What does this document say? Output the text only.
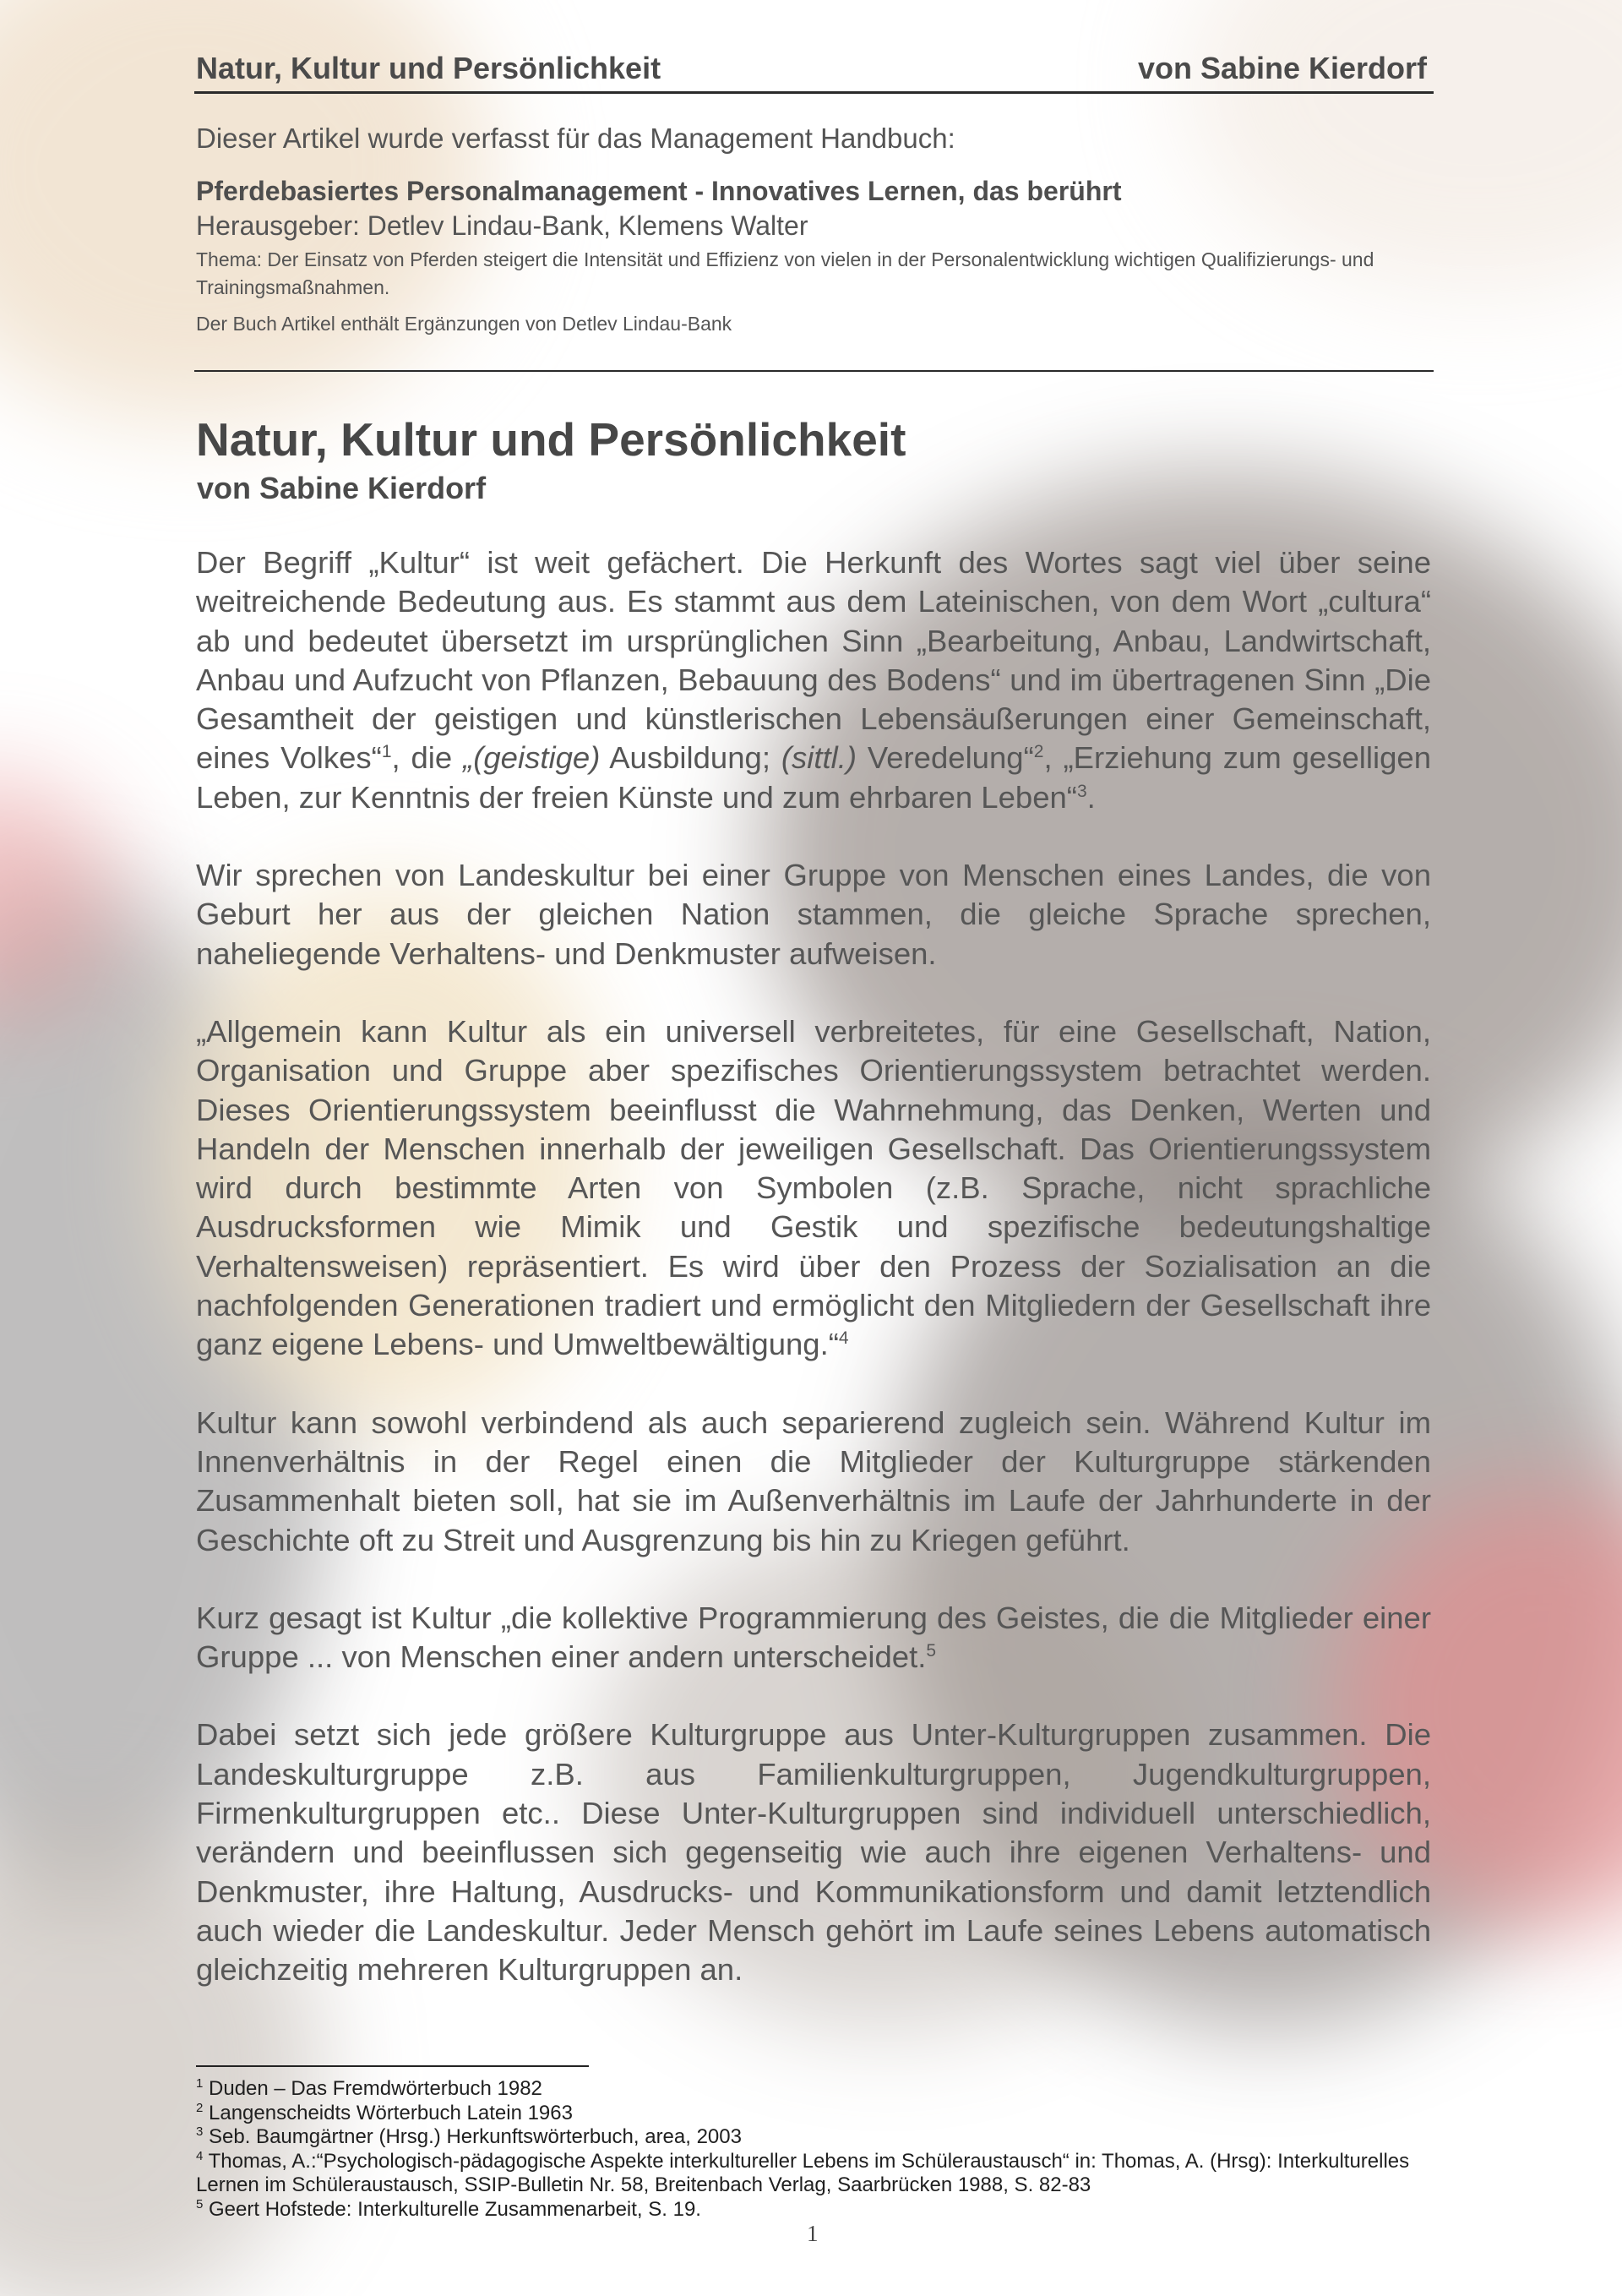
Natur, Kultur und Persönlichkeit	von Sabine Kierdorf

Dieser Artikel wurde verfasst für das Management Handbuch:

Pferdebasiertes Personalmanagement - Innovatives Lernen, das berührt

Herausgeber: Detlev Lindau-Bank, Klemens Walter

Thema: Der Einsatz von Pferden steigert die Intensität und Effizienz von vielen in der Personalentwicklung wichtigen Qualifizierungs- und Trainingsmaßnahmen.

Der Buch Artikel enthält Ergänzungen von Detlev Lindau-Bank

Natur, Kultur und Persönlichkeit
von Sabine Kierdorf

Der Begriff „Kultur“ ist weit gefächert. Die Herkunft des Wortes sagt viel über seine weitreichende Bedeutung aus. Es stammt aus dem Lateinischen, von dem Wort „cultura“ ab und bedeutet übersetzt im ursprünglichen Sinn „Bearbeitung, Anbau, Landwirtschaft, Anbau und Aufzucht von Pflanzen, Bebauung des Bodens“ und im übertragenen Sinn „Die Gesamtheit der geistigen und künstlerischen Lebensäußerungen einer Gemeinschaft, eines Volkes“$^1$, die „(geistige) Ausbildung; (sittl.) Veredelung“$^2$, „Erziehung zum geselligen Leben, zur Kenntnis der freien Künste und zum ehrbaren Leben“$^3$.

Wir sprechen von Landeskultur bei einer Gruppe von Menschen eines Landes, die von Geburt her aus der gleichen Nation stammen, die gleiche Sprache sprechen, naheliegende Verhaltens- und Denkmuster aufweisen.

„Allgemein kann Kultur als ein universell verbreitetes, für eine Gesellschaft, Nation, Organisation und Gruppe aber spezifisches Orientierungssystem betrachtet werden. Dieses Orientierungssystem beeinflusst die Wahrnehmung, das Denken, Werten und Handeln der Menschen innerhalb der jeweiligen Gesellschaft. Das Orientierungssystem wird durch bestimmte Arten von Symbolen (z.B. Sprache, nicht sprachliche Ausdrucksformen wie Mimik und Gestik und spezifische bedeutungshaltige Verhaltensweisen) repräsentiert. Es wird über den Prozess der Sozialisation an die nachfolgenden Generationen tradiert und ermöglicht den Mitgliedern der Gesellschaft ihre ganz eigene Lebens- und Umweltbewältigung.“$^4$

Kultur kann sowohl verbindend als auch separierend zugleich sein. Während Kultur im Innenverhältnis in der Regel einen die Mitglieder der Kulturgruppe stärkenden Zusammenhalt bieten soll, hat sie im Außenverhältnis im Laufe der Jahrhunderte in der Geschichte oft zu Streit und Ausgrenzung bis hin zu Kriegen geführt.

Kurz gesagt ist Kultur „die kollektive Programmierung des Geistes, die die Mitglieder einer Gruppe ... von Menschen einer andern unterscheidet.$^5$

Dabei setzt sich jede größere Kulturgruppe aus Unter-Kulturgruppen zusammen. Die Landeskulturgruppe z.B. aus Familienkulturgruppen, Jugendkulturgruppen, Firmenkulturgruppen etc.. Diese Unter-Kulturgruppen sind individuell unterschiedlich, verändern und beeinflussen sich gegenseitig wie auch ihre eigenen Verhaltens- und Denkmuster, ihre Haltung, Ausdrucks- und Kommunikationsform und damit letztendlich auch wieder die Landeskultur. Jeder Mensch gehört im Laufe seines Lebens automatisch gleichzeitig mehreren Kulturgruppen an.

$^1$ Duden – Das Fremdwörterbuch 1982

$^2$ Langenscheidts Wörterbuch Latein 1963

$^3$ Seb. Baumgärtner (Hrsg.) Herkunftswörterbuch, area, 2003

$^4$ Thomas, A.:“Psychologisch-pädagogische Aspekte interkultureller Lebens im Schüleraustausch“ in: Thomas, A. (Hrsg): Interkulturelles Lernen im Schüleraustausch, SSIP-Bulletin Nr. 58, Breitenbach Verlag, Saarbrücken 1988, S. 82-83

$^5$ Geert Hofstede: Interkulturelle Zusammenarbeit, S. 19.

1
